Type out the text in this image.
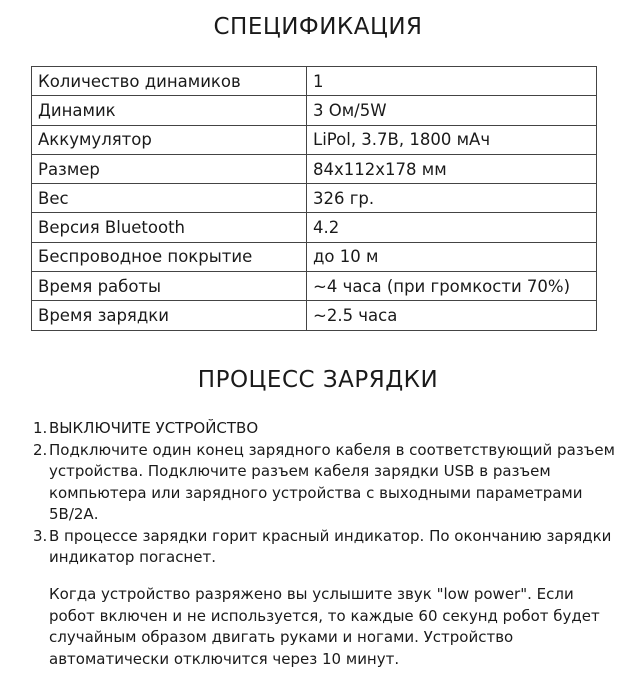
СПЕЦИФИКАЦИЯ
Количество динамиков	1
Динамик	3 Ом/5W
Аккумулятор	LiPol, 3.7В, 1800 мАч
Размер	84x112x178 мм
Вес	326 гр.
Версия Bluetooth	4.2
Беспроводное покрытие	до 10 м
Время работы	~4 часа (при громкости 70%)
Время зарядки	~2.5 часа
ПРОЦЕСС ЗАРЯДКИ
1. ВЫКЛЮЧИТЕ УСТРОЙСТВО
2. Подключите один конец зарядного кабеля в соответствующий разъем устройства. Подключите разъем кабеля зарядки USB в разъем компьютера или зарядного устройства с выходными параметрами 5В/2А.
3. В процессе зарядки горит красный индикатор. По окончанию зарядки индикатор погаснет.
Когда устройство разряжено вы услышите звук "low power". Если робот включен и не используется, то каждые 60 секунд робот будет случайным образом двигать руками и ногами. Устройство автоматически отключится через 10 минут.
